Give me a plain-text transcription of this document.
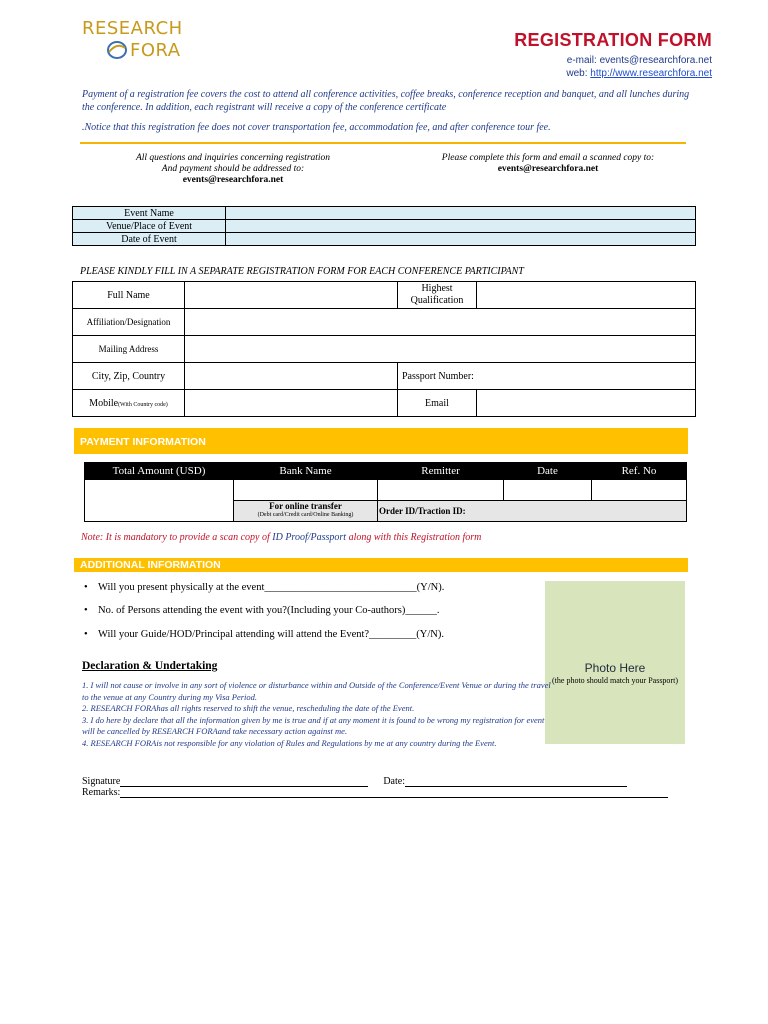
RESEARCH
FORA	REGISTRATION FORM
e-mail: events@researchfora.net
web: http://www.researchfora.net

Payment of a registration fee covers the cost to attend all conference activities, coffee breaks, conference reception and banquet, and all lunches during the conference. In addition, each registrant will receive a copy of the conference certificate

.Notice that this registration fee does not cover transportation fee, accommodation fee, and after conference tour fee.

All questions and inquiries concerning registration
And payment should be addressed to:
events@researchfora.net
Please complete this form and email a scanned copy to:
events@researchfora.net
Event Name	
Venue/Place of Event	
Date of Event	
PLEASE KINDLY FILL IN A SEPARATE REGISTRATION FORM FOR EACH CONFERENCE PARTICIPANT
Full Name		Highest Qualification	
Affiliation/Designation			
Mailing Address			
City, Zip, Country		Passport Number:	
Mobile(With Country code)		Email	
PAYMENT INFORMATION
Total Amount (USD)	Bank Name	Remitter	Date	Ref. No

	For online transfer
(Debt card/Credit card/Online Banking)	Order ID/Traction ID:		
Note: It is mandatory to provide a scan copy of ID Proof/Passport along with this Registration form
ADDITIONAL INFORMATION
• Will you present physically at the event_____________________________(Y/N).
• No. of Persons attending the event with you?(Including your Co-authors)______.
• Will your Guide/HOD/Principal attending will attend the Event?_________(Y/N).
Photo Here
(the photo should match your Passport)
Declaration & Undertaking

1. I will not cause or involve in any sort of violence or disturbance within and Outside of the Conference/Event Venue or during the travel to the venue at any Country during my Visa Period.

2. RESEARCH FORAhas all rights reserved to shift the venue, rescheduling the date of the Event.

3. I do here by declare that all the information given by me is true and if at any moment it is found to be wrong my registration for event will be cancelled by RESEARCH FORAand take necessary action against me.

4. RESEARCH FORAis not responsible for any violation of Rules and Regulations by me at any country during the Event.

Signature	Date:
Remarks:
